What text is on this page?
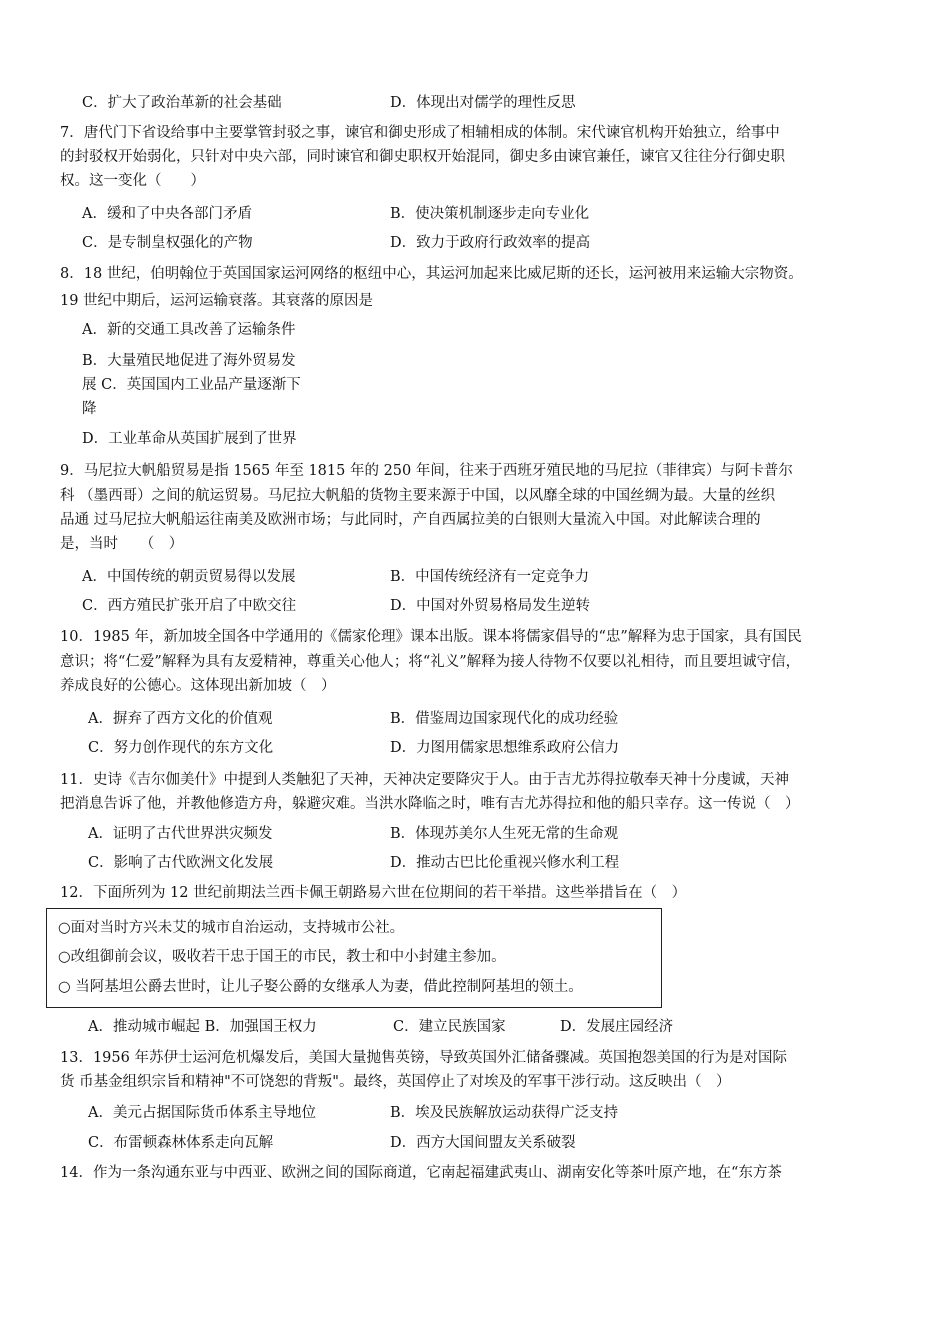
C．扩大了政治革新的社会基础	D．体现出对儒学的理性反思
7．唐代门下省设给事中主要掌管封驳之事，谏官和御史形成了相辅相成的体制。宋代谏官机构开始独立，给事中
的封驳权开始弱化，只针对中央六部，同时谏官和御史职权开始混同，御史多由谏官兼任，谏官又往往分行御史职
权。这一变化（　　）
A．缓和了中央各部门矛盾	B．使决策机制逐步走向专业化
C．是专制皇权强化的产物	D．致力于政府行政效率的提高
8．18 世纪，伯明翰位于英国国家运河网络的枢纽中心，其运河加起来比威尼斯的还长，运河被用来运输大宗物资。
19 世纪中期后，运河运输衰落。其衰落的原因是
A．新的交通工具改善了运输条件
B．大量殖民地促进了海外贸易发
展 C．英国国内工业品产量逐渐下
降
D．工业革命从英国扩展到了世界
9．马尼拉大帆船贸易是指 1565 年至 1815 年的 250 年间，往来于西班牙殖民地的马尼拉（菲律宾）与阿卡普尔
科 （墨西哥）之间的航运贸易。马尼拉大帆船的货物主要来源于中国，以风靡全球的中国丝绸为最。大量的丝织
品通 过马尼拉大帆船运往南美及欧洲市场；与此同时，产自西属拉美的白银则大量流入中国。对此解读合理的
是，当时　　（　）
A．中国传统的朝贡贸易得以发展	B．中国传统经济有一定竞争力
C．西方殖民扩张开启了中欧交往	D．中国对外贸易格局发生逆转
10．1985 年，新加坡全国各中学通用的《儒家伦理》课本出版。课本将儒家倡导的“忠”解释为忠于国家，具有国民
意识；将“仁爱”解释为具有友爱精神，尊重关心他人；将“礼义”解释为接人待物不仅要以礼相待，而且要坦诚守信，
养成良好的公德心。这体现出新加坡（　）
A．摒弃了西方文化的价值观	B．借鉴周边国家现代化的成功经验
C．努力创作现代的东方文化	D．力图用儒家思想维系政府公信力
11．史诗《吉尔伽美什》中提到人类触犯了天神，天神决定要降灾于人。由于吉尤苏得拉敬奉天神十分虔诚，天神
把消息告诉了他，并教他修造方舟，躲避灾难。当洪水降临之时，唯有吉尤苏得拉和他的船只幸存。这一传说（　）
A．证明了古代世界洪灾频发	B．体现苏美尔人生死无常的生命观
C．影响了古代欧洲文化发展	D．推动古巴比伦重视兴修水利工程
12．下面所列为 12 世纪前期法兰西卡佩王朝路易六世在位期间的若干举措。这些举措旨在（　）
○面对当时方兴未艾的城市自治运动，支持城市公社。
○改组御前会议，吸收若干忠于国王的市民，教士和中小封建主参加。
○ 当阿基坦公爵去世时，让儿子娶公爵的女继承人为妻，借此控制阿基坦的领土。
A．推动城市崛起 B．加强国王权力	C．建立民族国家	D．发展庄园经济
13．1956 年苏伊士运河危机爆发后，美国大量抛售英镑，导致英国外汇储备骤减。英国抱怨美国的行为是对国际
货 币基金组织宗旨和精神"不可饶恕的背叛"。最终，英国停止了对埃及的军事干涉行动。这反映出（　）
A．美元占据国际货币体系主导地位	B．埃及民族解放运动获得广泛支持
C．布雷顿森林体系走向瓦解	D．西方大国间盟友关系破裂
14．作为一条沟通东亚与中西亚、欧洲之间的国际商道，它南起福建武夷山、湖南安化等茶叶原产地，在“东方茶
